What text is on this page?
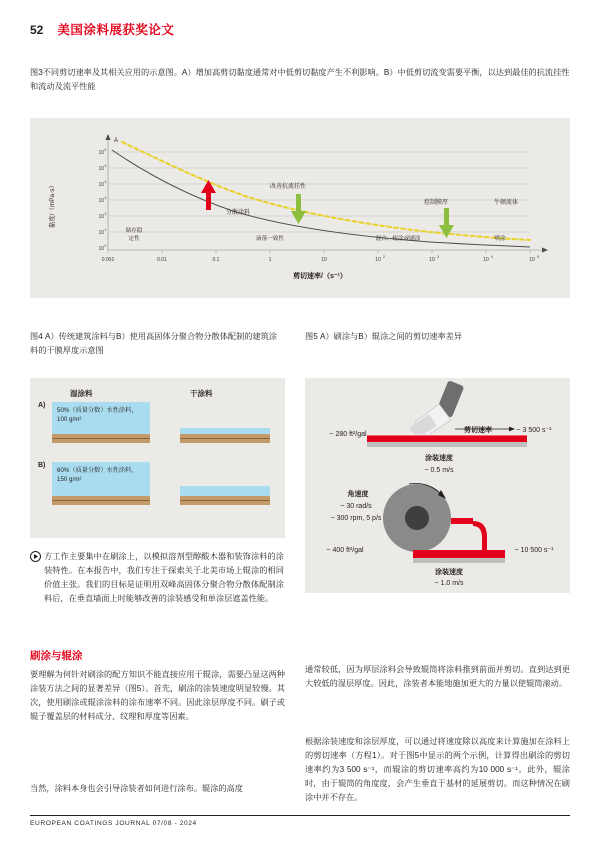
52 美国涂料展获奖论文
图3不同剪切速率及其相关应用的示意图。A）增加高剪切黏度通常对中低剪切黏度产生不利影响。B）中低剪切流变需要平衡，以达到最佳的抗流挂性和流动及流平性能
10
10
10
10
10
10
10
6
5
4
3
2
1
0
0.001	0.01	0.1	1	10	10	10	10	10
2	3	4	5
改善抗流挂性
分散涂料
控制膜厚	牛顿流体
储存稳
定性	滴落一致性	混合、辊涂或刷涂	喷涂
A
黏度/（mPa·s）
剪切速率/（s⁻¹）
图4 A）传统建筑涂料与B）使用高固体分聚合物分散体配制的建筑涂料的干膜厚度示意图
图5 A）刷涂与B）辊涂之间的剪切速率差异
湿涂料	干涂料
A)
50%（质量分数）水性涂料，100 g/m²
B)
60%（质量分数）水性涂料，150 g/m²
~ 280 ft²/gal
剪切速率	~ 3 500 s⁻¹
涂装速度
~ 0.5 m/s
角速度
~ 30 rad/s
~ 300 rpm, 5 p/s
~ 400 ft²/gal	~ 10 500 s⁻¹
涂装速度
~ 1.0 m/s
方工作主要集中在刷涂上，以模拟溶剂型醇酸木器和装饰涂料的涂装特性。在本报告中，我们专注于探索关于北美市场上辊涂的相同价值主张。我们的目标是证明用双峰高固体分聚合物分散体配制涂料后，在垂直墙面上时能够改善的涂装感受和单涂层遮盖性能。
刷涂与辊涂
要理解为何针对刷涂的配方知识不能直接应用于辊涂，需要凸显这两种涂装方法之间的显著差异（图5）。首先，刷涂的涂装速度明显较慢。其次，使用刷涂或辊涂涂料的涂布速率不同。因此涂层厚度不同。刷子或辊子覆盖层的材料成分、纹理和厚度等因素。
当然，涂料本身也会引导涂装者如何进行涂布。辊涂的高度
通常较低，因为厚层涂料会导致辊筒将涂料推到前面并剪切。直到达到更大较低的湿层厚度。因此，涂装者本能地施加更大的力量以使辊筒滚动。
根据涂装速度和涂层厚度，可以通过将速度除以高度来计算施加在涂料上的剪切速率（方程1）。对于图5中显示的两个示例，计算得出刷涂的剪切速率约为3 500 s⁻¹，而辊涂的剪切速率高约为10 000 s⁻¹。此外，辊涂时，由于辊筒的角度度，会产生垂直于基材的延展剪切。而这种情况在刷涂中并不存在。
EUROPEAN COATINGS JOURNAL 07/08 - 2024
